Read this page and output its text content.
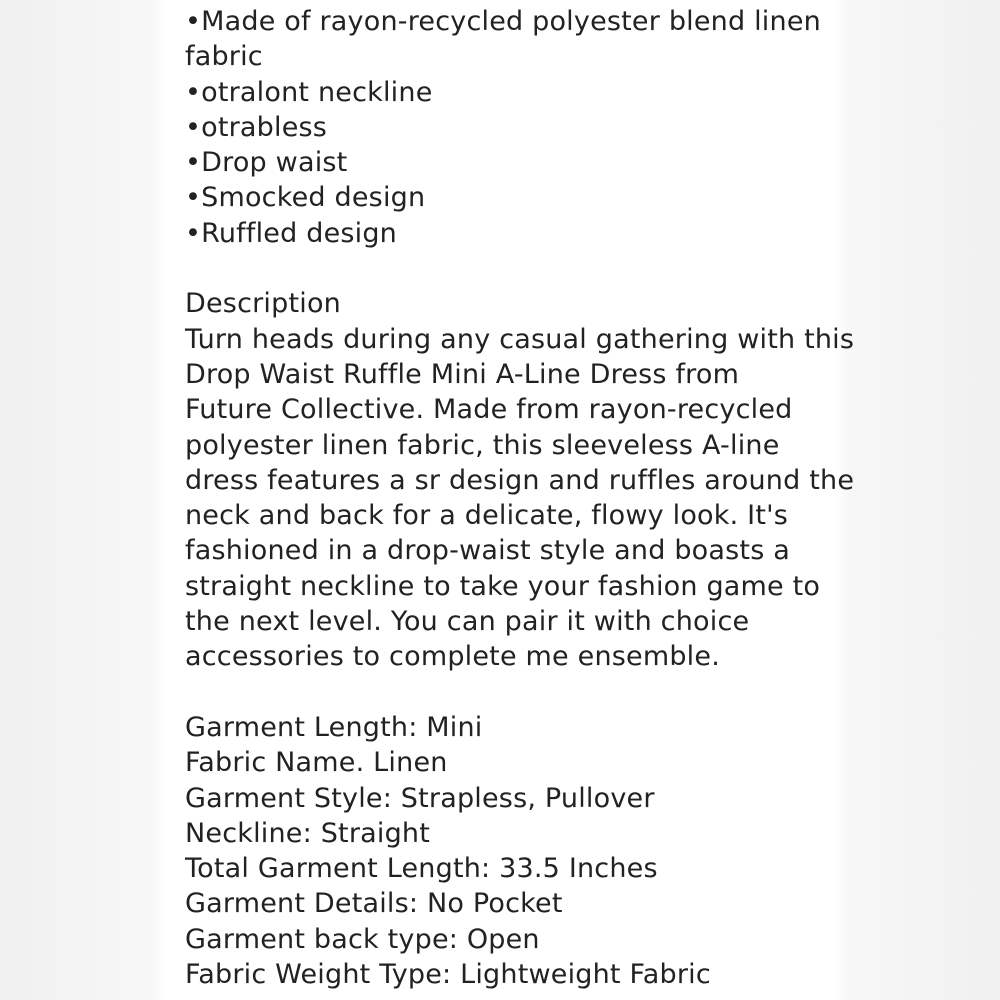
•Made of rayon-recycled polyester blend linen
fabric
•otralont neckline
•otrabless
•Drop waist
•Smocked design
•Ruffled design
Description
Turn heads during any casual gathering with this
Drop Waist Ruffle Mini A-Line Dress from
Future Collective. Made from rayon-recycled
polyester linen fabric, this sleeveless A-line
dress features a sr design and ruffles around the
neck and back for a delicate, flowy look. It's
fashioned in a drop-waist style and boasts a
straight neckline to take your fashion game to
the next level. You can pair it with choice
accessories to complete me ensemble.
Garment Length: Mini
Fabric Name. Linen
Garment Style: Strapless, Pullover
Neckline: Straight
Total Garment Length: 33.5 Inches
Garment Details: No Pocket
Garment back type: Open
Fabric Weight Type: Lightweight Fabric
